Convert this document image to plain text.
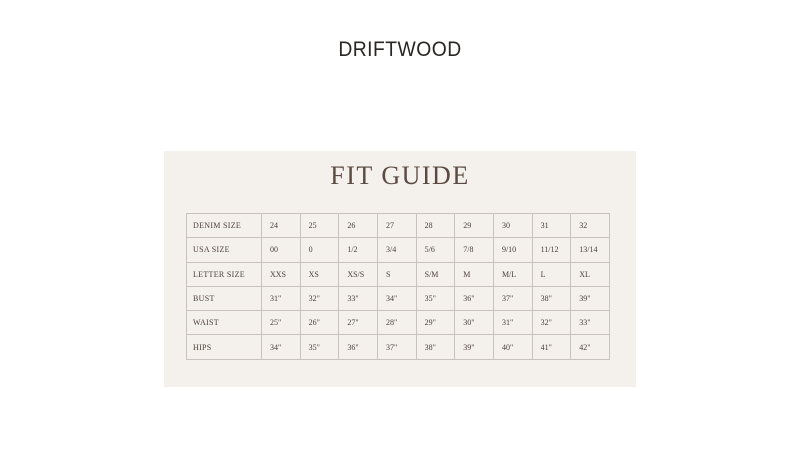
DRIFTWOOD
FIT GUIDE
DENIM SIZE	24	25	26	27	28	29	30	31	32
USA SIZE	00	0	1/2	3/4	5/6	7/8	9/10	11/12	13/14
LETTER SIZE	XXS	XS	XS/S	S	S/M	M	M/L	L	XL
BUST	31"	32"	33"	34"	35"	36"	37"	38"	39"
WAIST	25"	26"	27"	28"	29"	30"	31"	32"	33"
HIPS	34"	35"	36"	37"	38"	39"	40"	41"	42"
